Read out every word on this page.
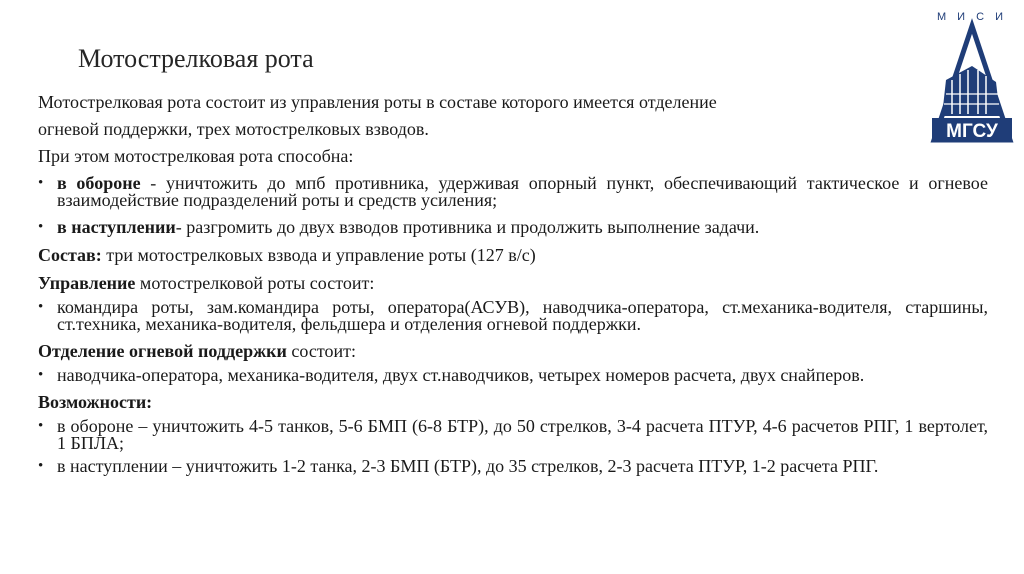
Мотострелковая рота
М И С И
МГСУ

Мотострелковая рота состоит из управления роты в составе которого имеется отделение

огневой поддержки, трех мотострелковых взводов.

При этом мотострелковая рота способна:

• в обороне - уничтожить до мпб противника, удерживая опорный пункт, обеспечивающий тактическое и огневое взаимодействие подразделений роты и средств усиления;
• в наступлении- разгромить до двух взводов противника и продолжить выполнение задачи.
Состав: три мотострелковых взвода и управление роты (127 в/с)
Управление мотострелковой роты состоит:
• командира роты, зам.командира роты, оператора(АСУВ), наводчика-оператора, ст.механика-водителя, старшины, ст.техника, механика-водителя, фельдшера и отделения огневой поддержки.
Отделение огневой поддержки состоит:
• наводчика-оператора, механика-водителя, двух ст.наводчиков, четырех номеров расчета, двух снайперов.
Возможности:
• в обороне – уничтожить 4-5 танков, 5-6 БМП (6-8 БТР), до 50 стрелков, 3-4 расчета ПТУР, 4-6 расчетов РПГ, 1 вертолет, 1 БПЛА;
• в наступлении – уничтожить 1-2 танка, 2-3 БМП (БТР), до 35 стрелков, 2-3 расчета ПТУР, 1-2 расчета РПГ.
